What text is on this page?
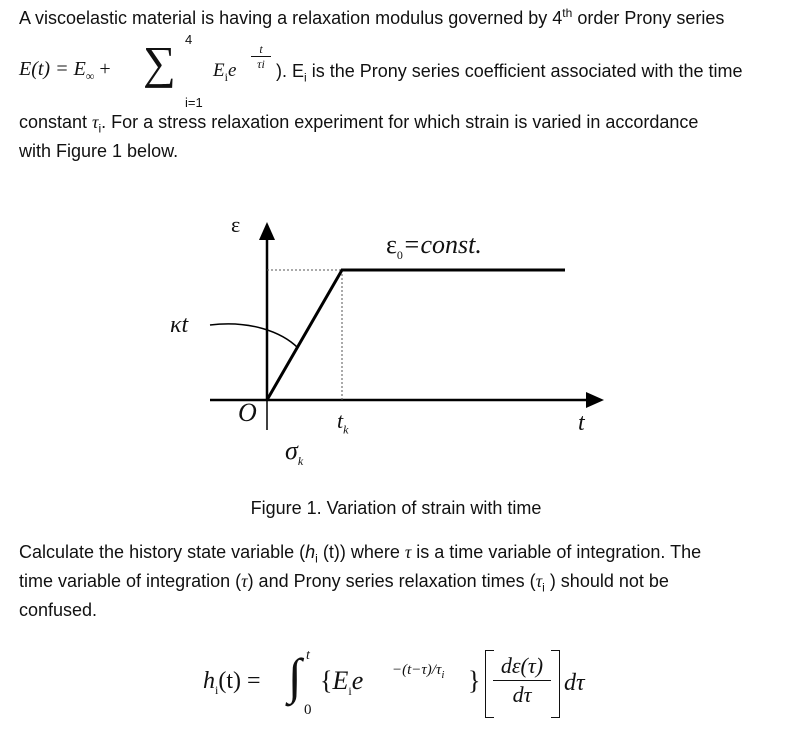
A viscoelastic material is having a relaxation modulus governed by 4th order Prony series
$E(t) = E_\infty$ + ∑ 4
i=1
$E_ie$
t
τi ). $E_i$ is the Prony series coefficient associated with the time
constant $\tau_i$. For a stress relaxation experiment for which strain is varied in accordance
with Figure 1 below.
ε
t
O
$\varepsilon_0=const$.
κt
$t_k$
$\sigma_k$
Figure 1. Variation of strain with time
Calculate the history state variable ($h_i$ (t)) where τ is a time variable of integration. The
time variable of integration (τ) and Prony series relaxation times ($\tau_i$ ) should not be
confused.
$h_i(t)$ = ∫ t
0
{$E_ie -(t-\tau)/\tau_i$ }
dε(τ)
dτ	dτ
